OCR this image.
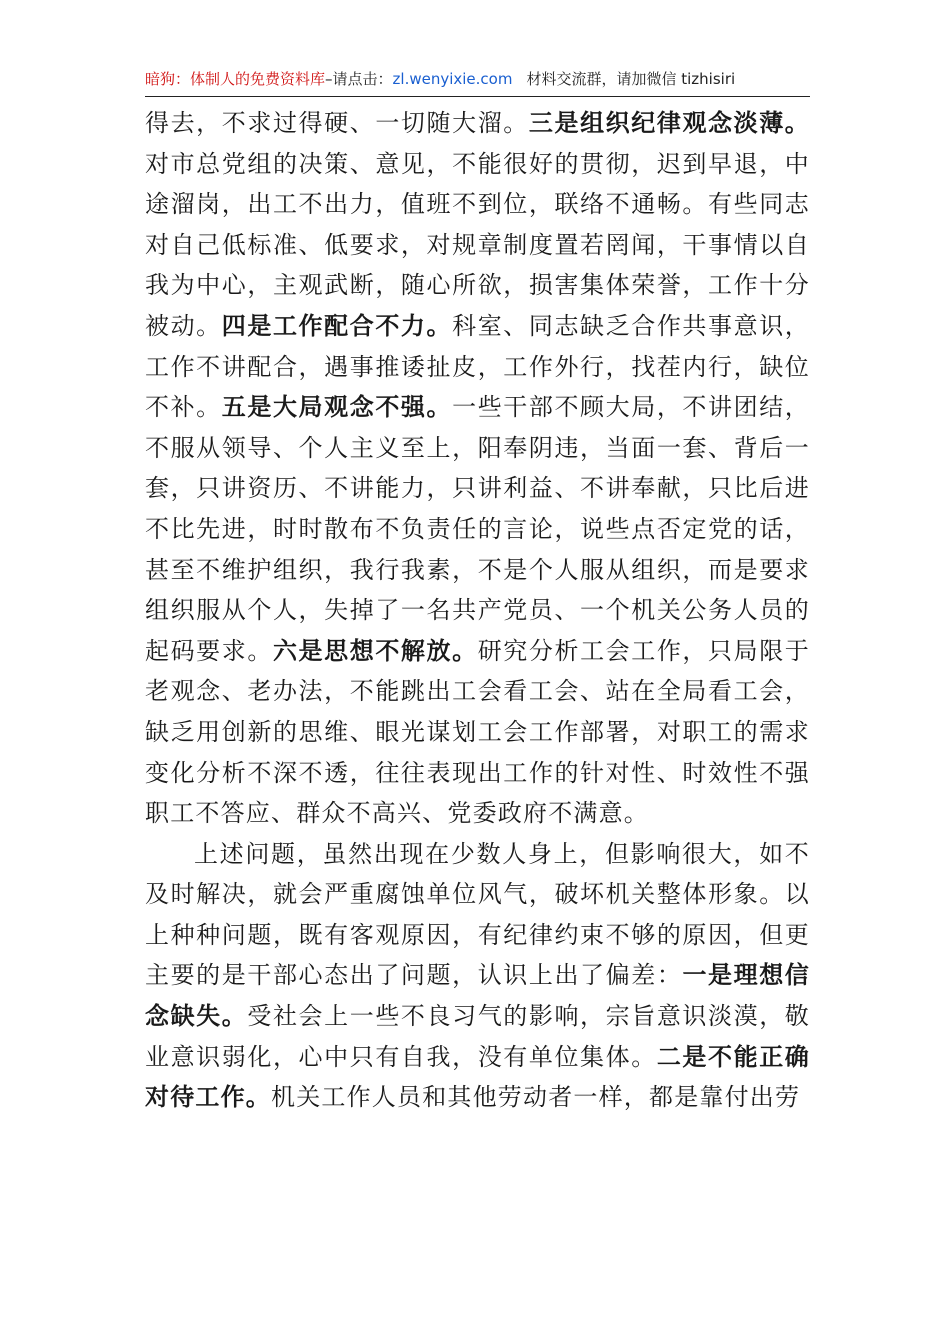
暗狗：体制人的免费资料库–请点击：zl.wenyixie.com 材料交流群，请加微信 tizhisiri

得去，不求过得硬、一切随大溜。三是组织纪律观念淡薄。对市总党组的决策、意见，不能很好的贯彻，迟到早退，中途溜岗，出工不出力，值班不到位，联络不通畅。有些同志对自己低标准、低要求，对规章制度置若罔闻，干事情以自我为中心，主观武断，随心所欲，损害集体荣誉，工作十分被动。四是工作配合不力。科室、同志缺乏合作共事意识，工作不讲配合，遇事推诿扯皮，工作外行，找茬内行，缺位不补。五是大局观念不强。一些干部不顾大局，不讲团结，不服从领导、个人主义至上，阳奉阴违，当面一套、背后一套，只讲资历、不讲能力，只讲利益、不讲奉献，只比后进不比先进，时时散布不负责任的言论，说些点否定党的话，甚至不维护组织，我行我素，不是个人服从组织，而是要求组织服从个人，失掉了一名共产党员、一个机关公务人员的起码要求。六是思想不解放。研究分析工会工作，只局限于老观念、老办法，不能跳出工会看工会、站在全局看工会，缺乏用创新的思维、眼光谋划工会工作部署，对职工的需求变化分析不深不透，往往表现出工作的针对性、时效性不强职工不答应、群众不高兴、党委政府不满意。

上述问题，虽然出现在少数人身上，但影响很大，如不及时解决，就会严重腐蚀单位风气，破坏机关整体形象。以上种种问题，既有客观原因，有纪律约束不够的原因，但更主要的是干部心态出了问题，认识上出了偏差：一是理想信念缺失。受社会上一些不良习气的影响，宗旨意识淡漠，敬业意识弱化，心中只有自我，没有单位集体。二是不能正确对待工作。机关工作人员和其他劳动者一样，都是靠付出劳
